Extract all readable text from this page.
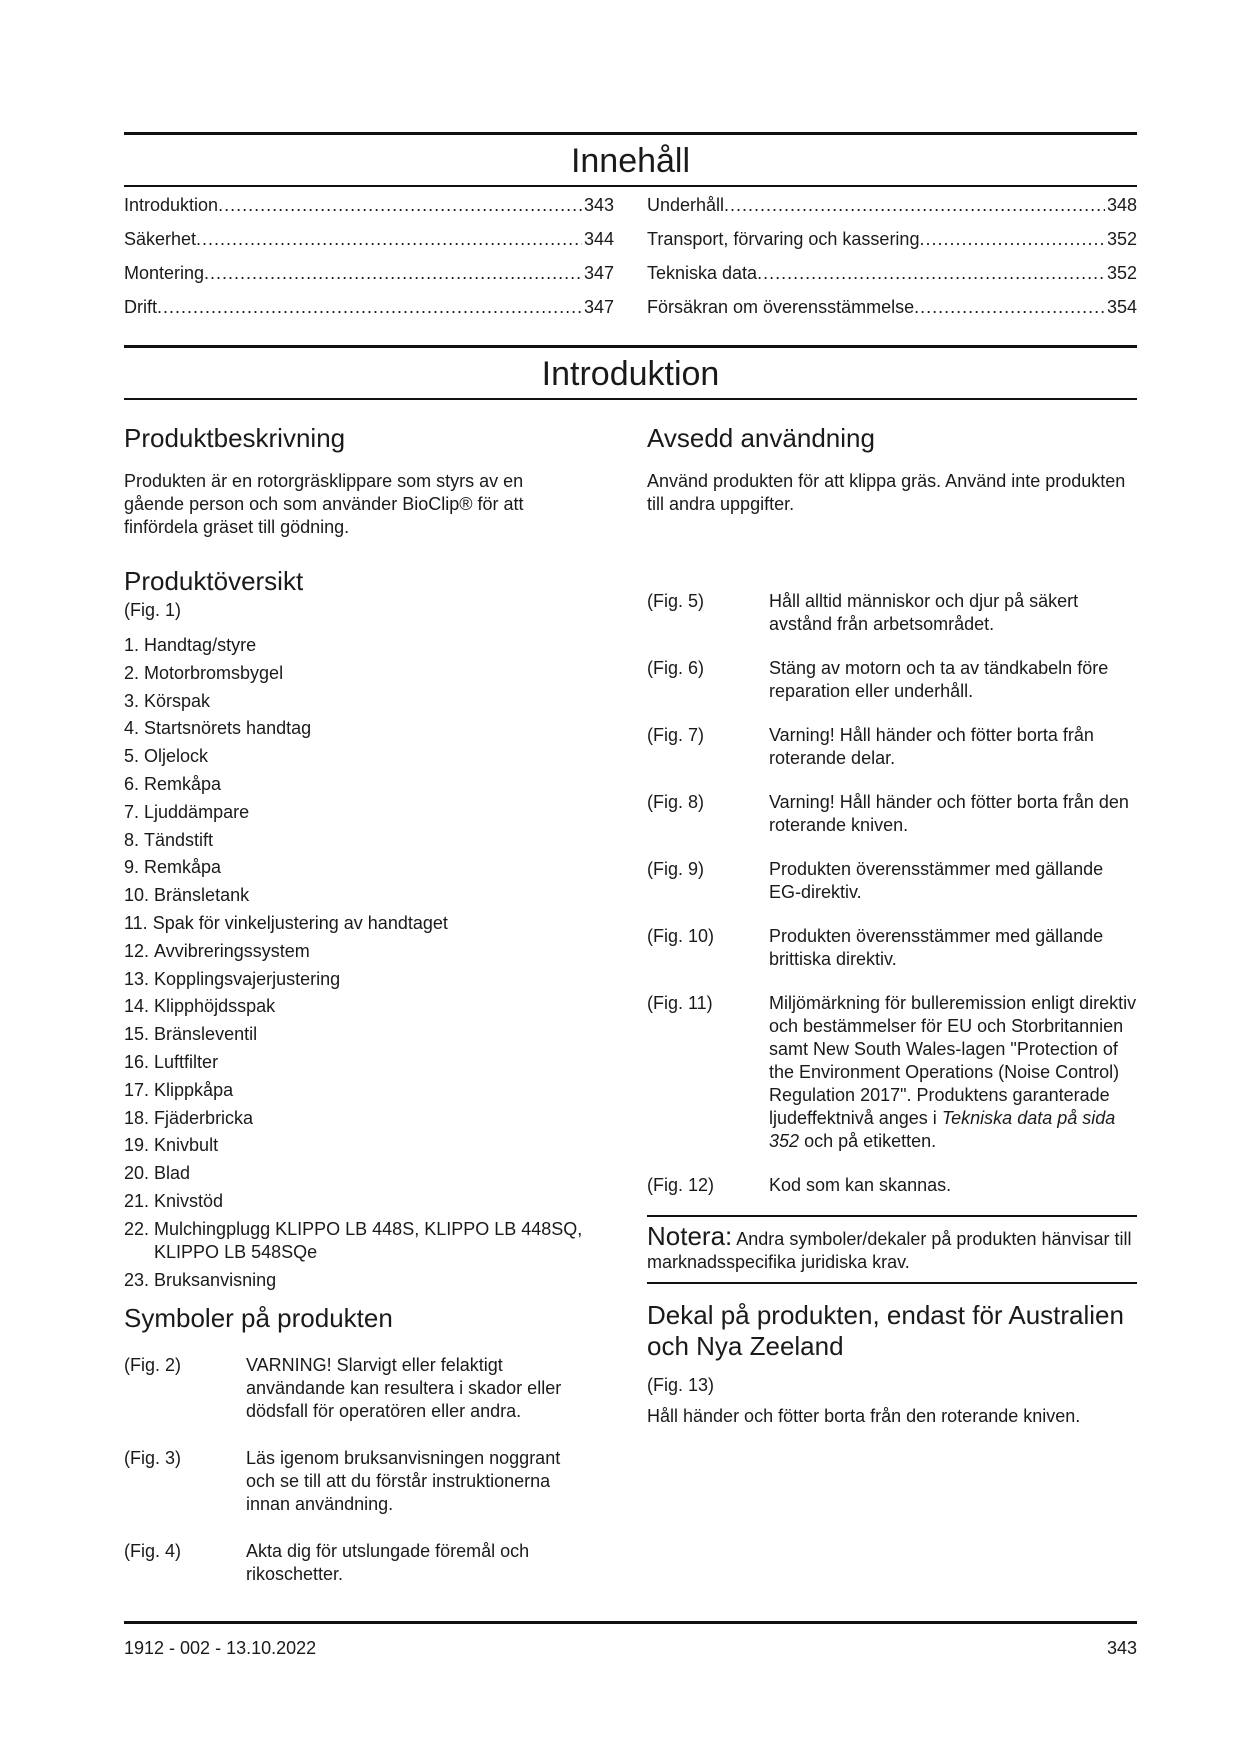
Innehåll
Introduktion .....	343
Säkerhet .....	344
Montering .....	347
Drift .....	347
Underhåll .....	348
Transport, förvaring och kassering .....	352
Tekniska data .....	352
Försäkran om överensstämmelse .....	354
Introduktion
Produktbeskrivning

Produkten är en rotorgräsklippare som styrs av en gående person och som använder BioClip® för att finfördela gräset till gödning.

Produktöversikt

(Fig. 1)

1. Handtag/styre
2. Motorbromsbygel
3. Körspak
4. Startsnörets handtag
5. Oljelock
6. Remkåpa
7. Ljuddämpare
8. Tändstift
9. Remkåpa
10. Bränsletank
11. Spak för vinkeljustering av handtaget
12. Avvibreringssystem
13. Kopplingsvajerjustering
14. Klipphöjdsspak
15. Bränsleventil
16. Luftfilter
17. Klippkåpa
18. Fjäderbricka
19. Knivbult
20. Blad
21. Knivstöd
22. Mulchingplugg KLIPPO LB 448S, KLIPPO LB 448SQ, KLIPPO LB 548SQe
23. Bruksanvisning
Symboler på produkten
(Fig. 2)	VARNING! Slarvigt eller felaktigt användande kan resultera i skador eller dödsfall för operatören eller andra.
(Fig. 3)	Läs igenom bruksanvisningen noggrant och se till att du förstår instruktionerna innan användning.
(Fig. 4)	Akta dig för utslungade föremål och rikoschetter.
Avsedd användning

Använd produkten för att klippa gräs. Använd inte produkten till andra uppgifter.

(Fig. 5)	Håll alltid människor och djur på säkert avstånd från arbetsområdet.
(Fig. 6)	Stäng av motorn och ta av tändkabeln före reparation eller underhåll.
(Fig. 7)	Varning! Håll händer och fötter borta från roterande delar.
(Fig. 8)	Varning! Håll händer och fötter borta från den roterande kniven.
(Fig. 9)	Produkten överensstämmer med gällande EG-direktiv.
(Fig. 10)	Produkten överensstämmer med gällande brittiska direktiv.
(Fig. 11)	Miljömärkning för bulleremission enligt direktiv och bestämmelser för EU och Storbritannien samt New South Wales-lagen "Protection of the Environment Operations (Noise Control) Regulation 2017". Produktens garanterade ljudeffektnivå anges i Tekniska data på sida 352 och på etiketten.
(Fig. 12)	Kod som kan skannas.

Notera: Andra symboler/dekaler på produkten hänvisar till marknadsspecifika juridiska krav.

Dekal på produkten, endast för Australien och Nya Zeeland

(Fig. 13)

Håll händer och fötter borta från den roterande kniven.

1912 - 002 - 13.10.2022	343
